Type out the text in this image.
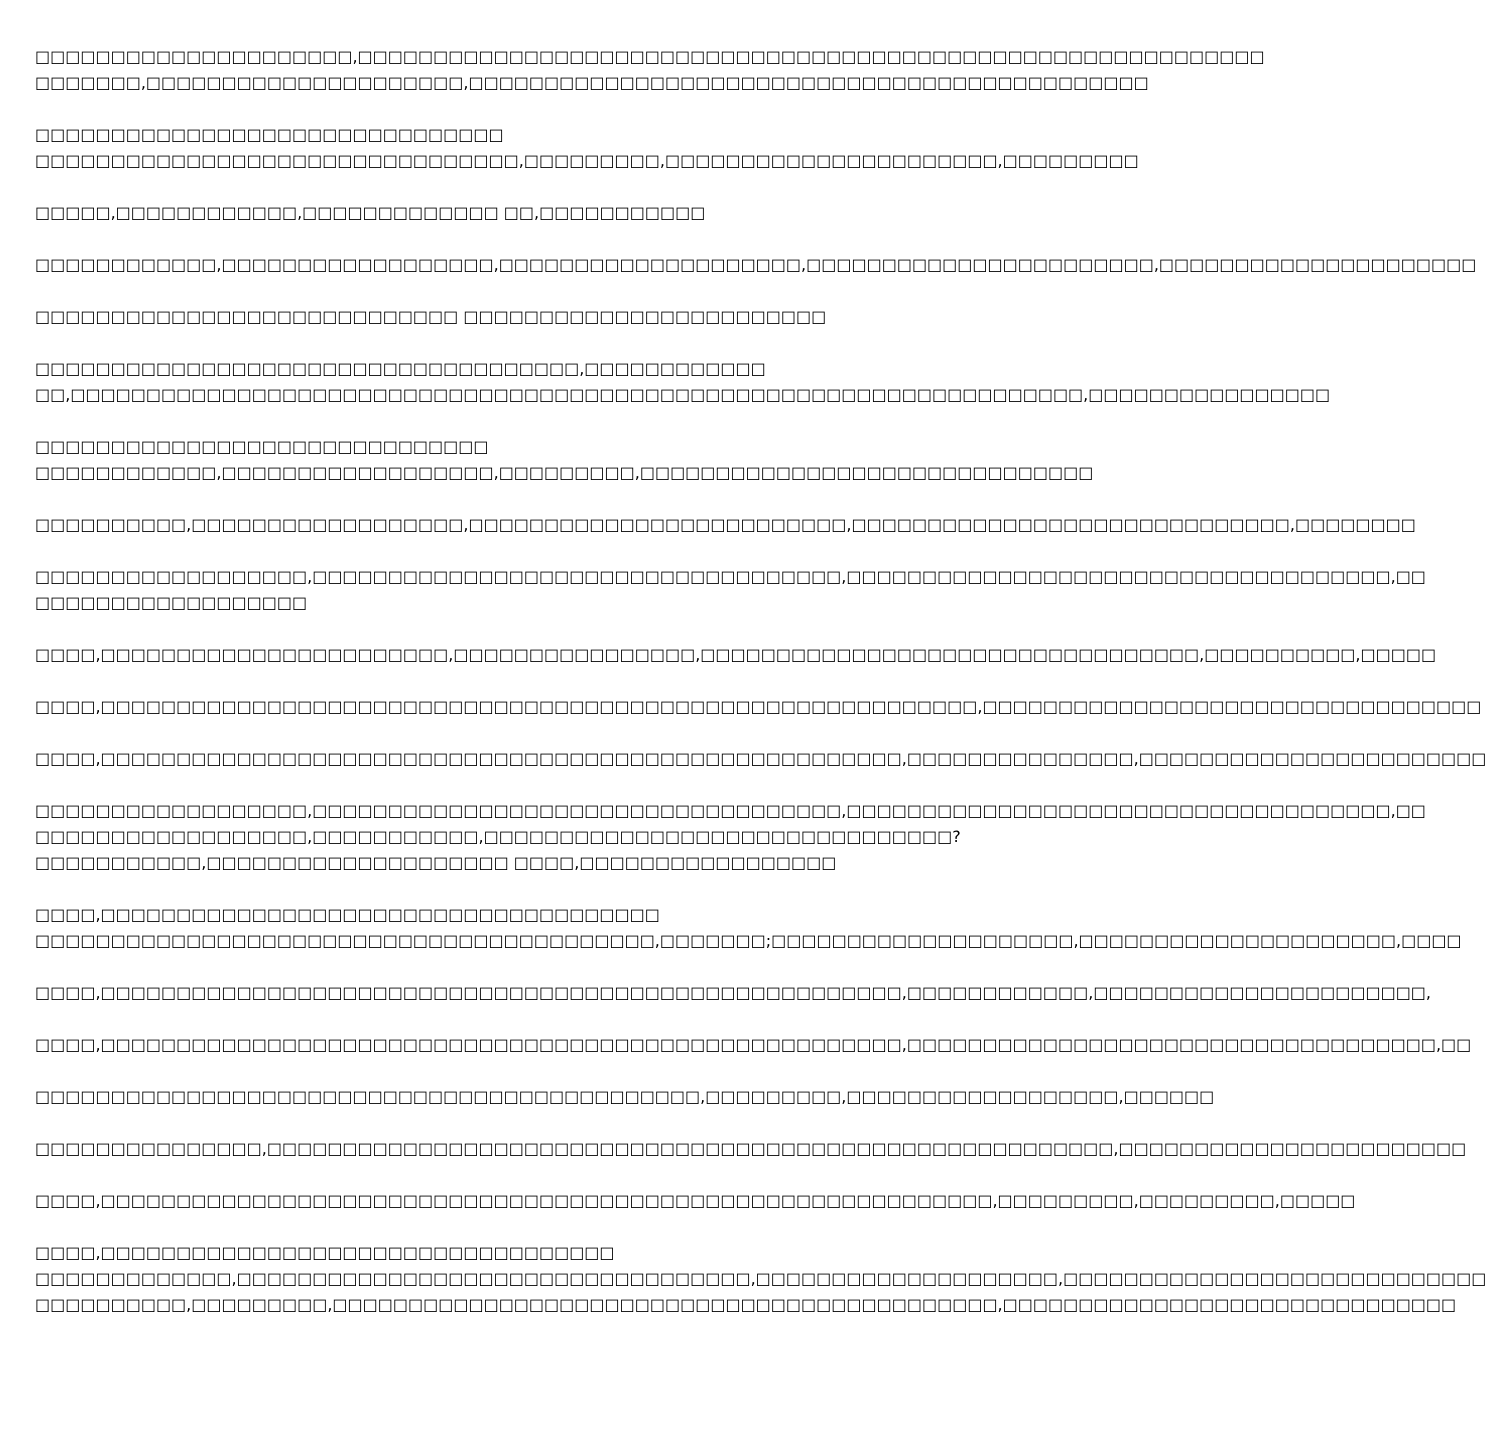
□□□□□□□□□□□□□□□□□□□□□,□□□□□□□□□□□□□□□□□□□□□□□□□□□□□□□□□□□□□□□□□□□□□□□□□□□□□□□□□□□□
□□□□□□□,□□□□□□□□□□□□□□□□□□□□□,□□□□□□□□□□□□□□□□□□□□□□□□□□□□□□□□□□□□□□□□□□□□□
□□□□□□□□□□□□□□□□□□□□□□□□□□□□□□□
□□□□□□□□□□□□□□□□□□□□□□□□□□□□□□□□,□□□□□□□□□,□□□□□□□□□□□□□□□□□□□□□□,□□□□□□□□□
□□□□□,□□□□□□□□□□□□,□□□□□□□□□□□□□ □□,□□□□□□□□□□□
□□□□□□□□□□□□,□□□□□□□□□□□□□□□□□□,□□□□□□□□□□□□□□□□□□□□,□□□□□□□□□□□□□□□□□□□□□□□,□□□□□□□□□□□□□□□□□□□□□
□□□□□□□□□□□□□□□□□□□□□□□□□□□□ □□□□□□□□□□□□□□□□□□□□□□□□
□□□□□□□□□□□□□□□□□□□□□□□□□□□□□□□□□□□□,□□□□□□□□□□□□
□□,□□□□□□□□□□□□□□□□□□□□□□□□□□□□□□□□□□□□□□□□□□□□□□□□□□□□□□□□□□□□□□□□□□□,□□□□□□□□□□□□□□□□
□□□□□□□□□□□□□□□□□□□□□□□□□□□□□□
□□□□□□□□□□□□,□□□□□□□□□□□□□□□□□□,□□□□□□□□□,□□□□□□□□□□□□□□□□□□□□□□□□□□□□□□
□□□□□□□□□□,□□□□□□□□□□□□□□□□□□,□□□□□□□□□□□□□□□□□□□□□□□□□,□□□□□□□□□□□□□□□□□□□□□□□□□□□□□,□□□□□□□□
□□□□□□□□□□□□□□□□□□,□□□□□□□□□□□□□□□□□□□□□□□□□□□□□□□□□□□,□□□□□□□□□□□□□□□□□□□□□□□□□□□□□□□□□□□□,□□
□□□□□□□□□□□□□□□□□□
□□□□,□□□□□□□□□□□□□□□□□□□□□□□,□□□□□□□□□□□□□□□□,□□□□□□□□□□□□□□□□□□□□□□□□□□□□□□□□□,□□□□□□□□□□,□□□□□
□□□□,□□□□□□□□□□□□□□□□□□□□□□□□□□□□□□□□□□□□□□□□□□□□□□□□□□□□□□□□□□,□□□□□□□□□□□□□□□□□□□□□□□□□□□□□□□□□
□□□□,□□□□□□□□□□□□□□□□□□□□□□□□□□□□□□□□□□□□□□□□□□□□□□□□□□□□□,□□□□□□□□□□□□□□□,□□□□□□□□□□□□□□□□□□□□□□□
□□□□□□□□□□□□□□□□□□,□□□□□□□□□□□□□□□□□□□□□□□□□□□□□□□□□□□,□□□□□□□□□□□□□□□□□□□□□□□□□□□□□□□□□□□□,□□
□□□□□□□□□□□□□□□□□□,□□□□□□□□□□□,□□□□□□□□□□□□□□□□□□□□□□□□□□□□□□□?
□□□□□□□□□□□,□□□□□□□□□□□□□□□□□□□□ □□□□,□□□□□□□□□□□□□□□□□
□□□□,□□□□□□□□□□□□□□□□□□□□□□□□□□□□□□□□□□□□□
□□□□□□□□□□□□□□□□□□□□□□□□□□□□□□□□□□□□□□□□□,□□□□□□□;□□□□□□□□□□□□□□□□□□□□,□□□□□□□□□□□□□□□□□□□□□,□□□□
□□□□,□□□□□□□□□□□□□□□□□□□□□□□□□□□□□□□□□□□□□□□□□□□□□□□□□□□□□,□□□□□□□□□□□□,□□□□□□□□□□□□□□□□□□□□□□,
□□□□,□□□□□□□□□□□□□□□□□□□□□□□□□□□□□□□□□□□□□□□□□□□□□□□□□□□□□,□□□□□□□□□□□□□□□□□□□□□□□□□□□□□□□□□□□,□□
□□□□□□□□□□□□□□□□□□□□□□□□□□□□□□□□□□□□□□□□□□□□,□□□□□□□□□,□□□□□□□□□□□□□□□□□□,□□□□□□
□□□□□□□□□□□□□□□,□□□□□□□□□□□□□□□□□□□□□□□□□□□□□□□□□□□□□□□□□□□□□□□□□□□□□□□□,□□□□□□□□□□□□□□□□□□□□□□□
□□□□,□□□□□□□□□□□□□□□□□□□□□□□□□□□□□□□□□□□□□□□□□□□□□□□□□□□□□□□□□□□,□□□□□□□□□,□□□□□□□□□,□□□□□
□□□□,□□□□□□□□□□□□□□□□□□□□□□□□□□□□□□□□□□
□□□□□□□□□□□□□,□□□□□□□□□□□□□□□□□□□□□□□□□□□□□□□□□□,□□□□□□□□□□□□□□□□□□□□,□□□□□□□□□□□□□□□□□□□□□□□□□□□□
□□□□□□□□□□,□□□□□□□□□,□□□□□□□□□□□□□□□□□□□□□□□□□□□□□□□□□□□□□□□□□□□□,□□□□□□□□□□□□□□□□□□□□□□□□□□□□□□
